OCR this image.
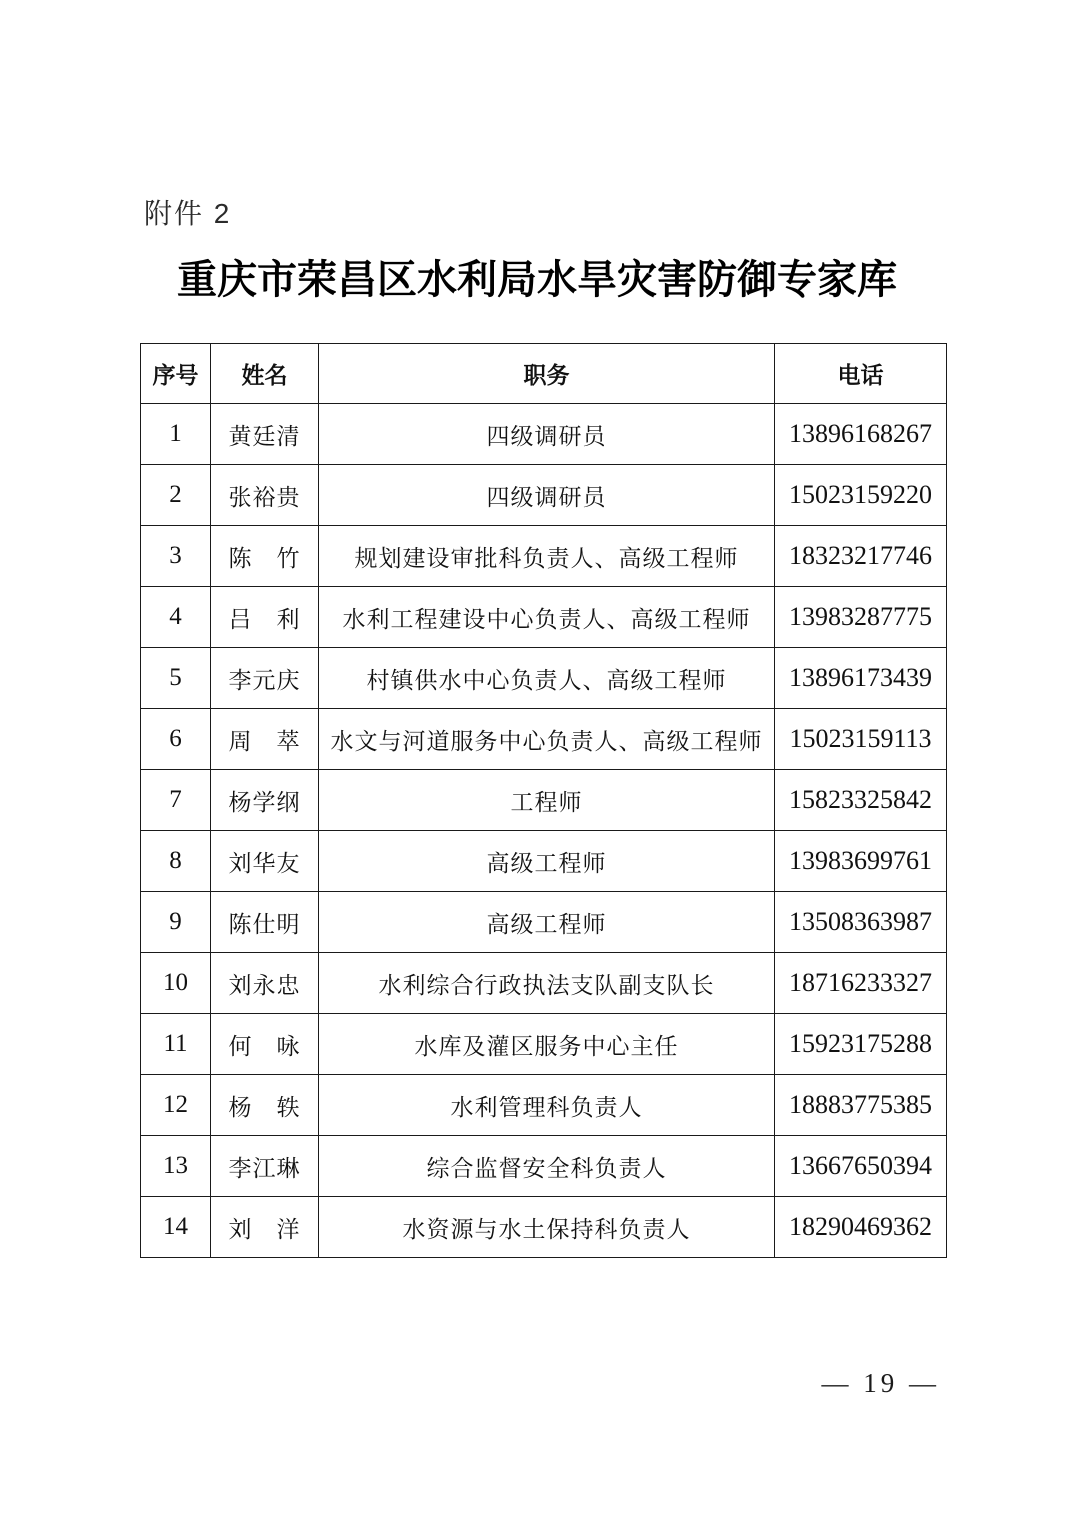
附件 2
重庆市荣昌区水利局水旱灾害防御专家库
序号	姓名	职务	电话
1	黄廷清	四级调研员	13896168267
2	张裕贵	四级调研员	15023159220
3	陈　竹	规划建设审批科负责人、高级工程师	18323217746
4	吕　利	水利工程建设中心负责人、高级工程师	13983287775
5	李元庆	村镇供水中心负责人、高级工程师	13896173439
6	周　萃	水文与河道服务中心负责人、高级工程师	15023159113
7	杨学纲	工程师	15823325842
8	刘华友	高级工程师	13983699761
9	陈仕明	高级工程师	13508363987
10	刘永忠	水利综合行政执法支队副支队长	18716233327
11	何　咏	水库及灌区服务中心主任	15923175288
12	杨　轶	水利管理科负责人	18883775385
13	李江琳	综合监督安全科负责人	13667650394
14	刘　洋	水资源与水土保持科负责人	18290469362
— 19 —
